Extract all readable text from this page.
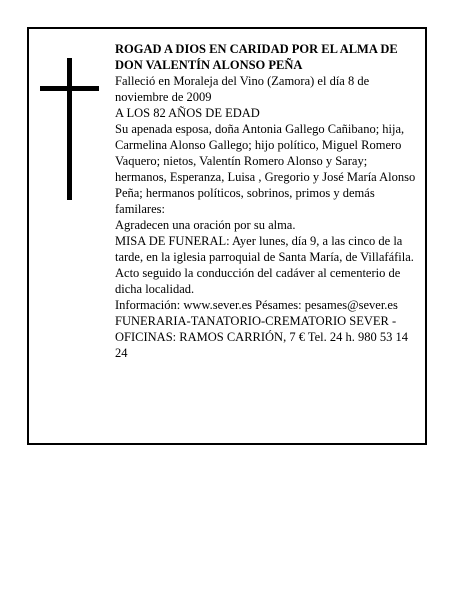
ROGAD A DIOS EN CARIDAD POR EL ALMA DE DON VALENTÍN ALONSO PEÑA

Falleció en Moraleja del Vino (Zamora) el día 8 de noviembre de 2009

A LOS 82 AÑOS DE EDAD

Su apenada esposa, doña Antonia Gallego Cañibano; hija, Carmelina Alonso Gallego; hijo político, Miguel Romero Vaquero; nietos, Valentín Romero Alonso y Saray; hermanos, Esperanza, Luisa , Gregorio y José María Alonso Peña; hermanos políticos, sobrinos, primos y demás familares:

Agradecen una oración por su alma.

MISA DE FUNERAL: Ayer lunes, día 9, a las cinco de la tarde, en la iglesia parroquial de Santa María, de Villafáfila. Acto seguido la conducción del cadáver al cementerio de dicha localidad.

Información: www.sever.es Pésames: pesames@sever.es

FUNERARIA-TANATORIO-CREMATORIO SEVER - OFICINAS: RAMOS CARRIÓN, 7 € Tel. 24 h. 980 53 14 24
